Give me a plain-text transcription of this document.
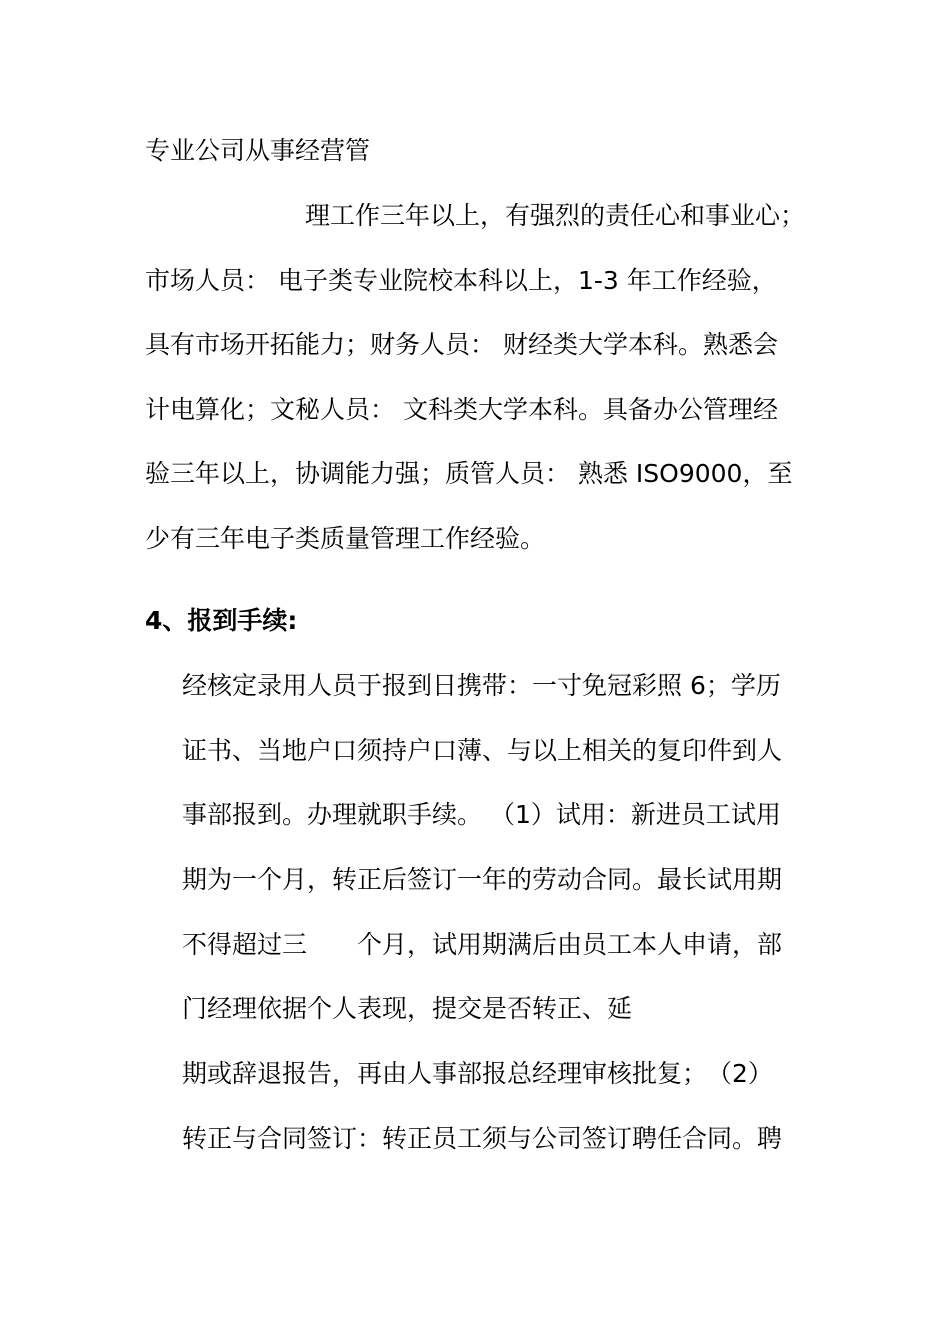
专业公司从事经营管
理工作三年以上，有强烈的责任心和事业心；
市场人员： 电子类专业院校本科以上，1-3 年工作经验，
具有市场开拓能力；财务人员： 财经类大学本科。熟悉会
计电算化；文秘人员： 文科类大学本科。具备办公管理经
验三年以上，协调能力强；质管人员： 熟悉 ISO9000，至
少有三年电子类质量管理工作经验。
4、报到手续:
经核定录用人员于报到日携带：一寸免冠彩照 6；学历
证书、当地户口须持户口薄、与以上相关的复印件到人
事部报到。办理就职手续。 （1）试用：新进员工试用
期为一个月，转正后签订一年的劳动合同。最长试用期
不得超过三　　个月，试用期满后由员工本人申请，部
门经理依据个人表现，提交是否转正、延
期或辞退报告，再由人事部报总经理审核批复；　（2）
转正与合同签订：转正员工须与公司签订聘任合同。聘
